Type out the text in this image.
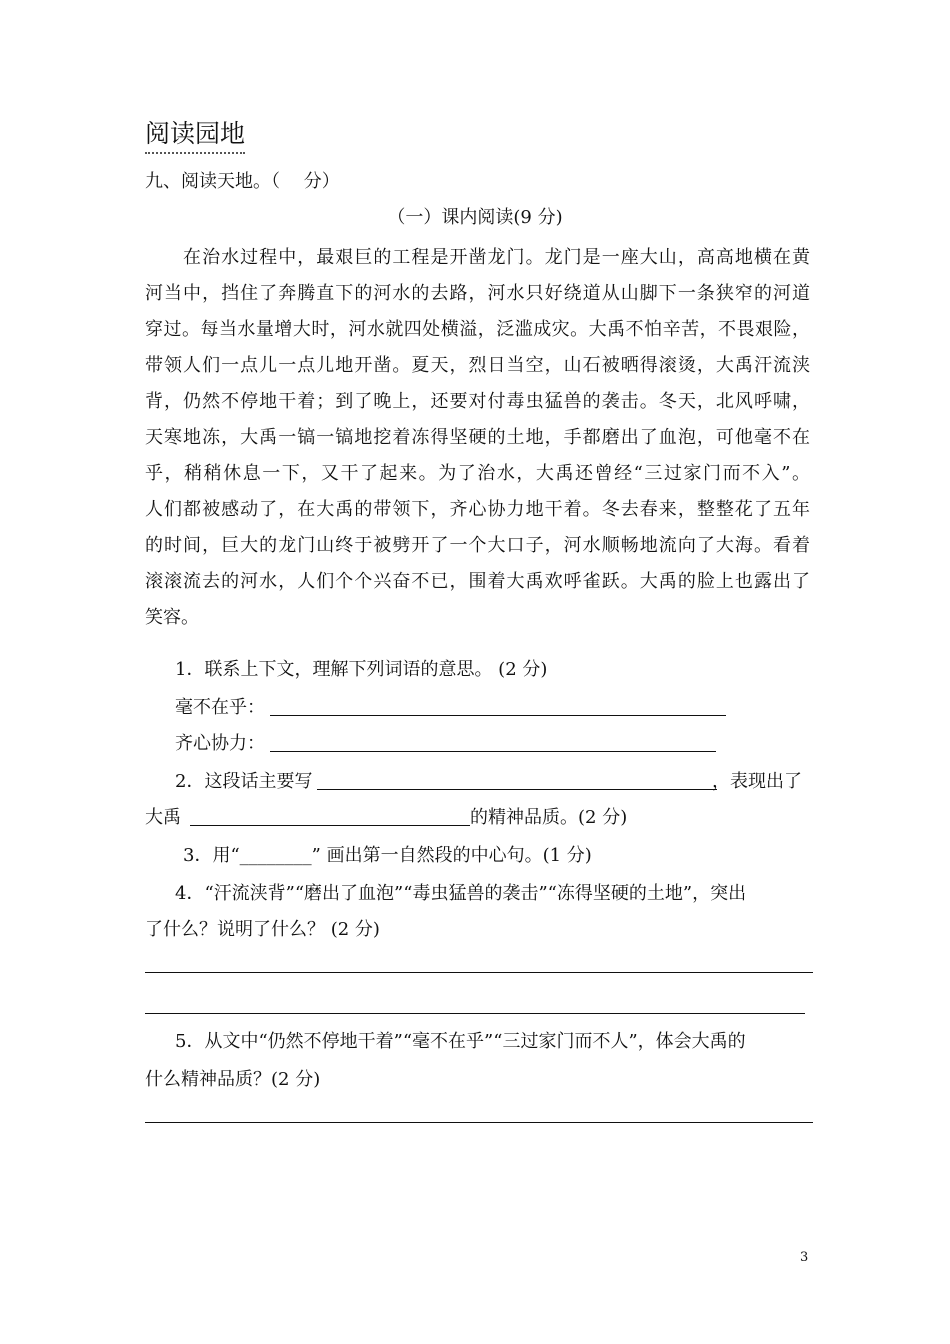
阅读园地
九、阅读天地。（　 分）
（一）课内阅读(9 分)
　　在治水过程中，最艰巨的工程是开凿龙门。龙门是一座大山，高高地横在黄
河当中，挡住了奔腾直下的河水的去路，河水只好绕道从山脚下一条狭窄的河道
穿过。每当水量增大时，河水就四处横溢，泛滥成灾。大禹不怕辛苦，不畏艰险，
带领人们一点儿一点儿地开凿。夏天，烈日当空，山石被晒得滚烫，大禹汗流浃
背，仍然不停地干着；到了晚上，还要对付毒虫猛兽的袭击。冬天，北风呼啸，
天寒地冻，大禹一镐一镐地挖着冻得坚硬的土地，手都磨出了血泡，可他毫不在
乎，稍稍休息一下，又干了起来。为了治水，大禹还曾经“三过家门而不入”。
人们都被感动了，在大禹的带领下，齐心协力地干着。冬去春来，整整花了五年
的时间，巨大的龙门山终于被劈开了一个大口子，河水顺畅地流向了大海。看着
滚滚流去的河水，人们个个兴奋不已，围着大禹欢呼雀跃。大禹的脸上也露出了
笑容。
1．联系上下文，理解下列词语的意思。 (2 分)
毫不在乎：
齐心协力：
2．这段话主要写	，表现出了
大禹	的精神品质。(2 分)
3．用“________” 画出第一自然段的中心句。(1 分)
4．“汗流浃背”“磨出了血泡”“毒虫猛兽的袭击”“冻得坚硬的土地”，突出
了什么？说明了什么？ (2 分)
5．从文中“仍然不停地干着”“毫不在乎”“三过家门而不人”，体会大禹的
什么精神品质？(2 分)
3
